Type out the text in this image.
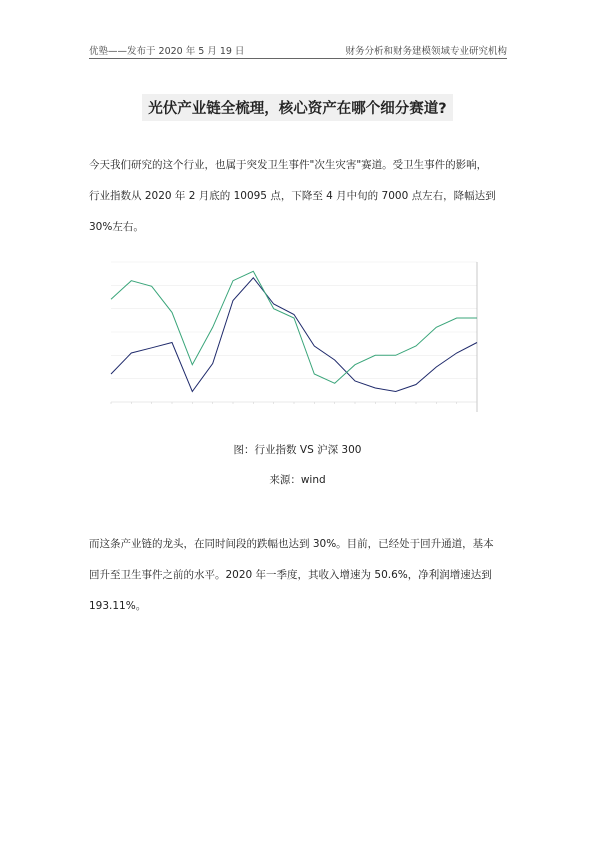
优塾——发布于 2020 年 5 月 19 日	财务分析和财务建模领域专业研究机构
光伏产业链全梳理，核心资产在哪个细分赛道?
今天我们研究的这个行业，也属于突发卫生事件"次生灾害"赛道。受卫生事件的影响，
行业指数从 2020 年 2 月底的 10095 点，下降至 4 月中旬的 7000 点左右，降幅达到
30%左右。
图：行业指数 VS 沪深 300
来源：wind
而这条产业链的龙头，在同时间段的跌幅也达到 30%。目前，已经处于回升通道，基本
回升至卫生事件之前的水平。2020 年一季度，其收入增速为 50.6%，净利润增速达到
193.11%。
